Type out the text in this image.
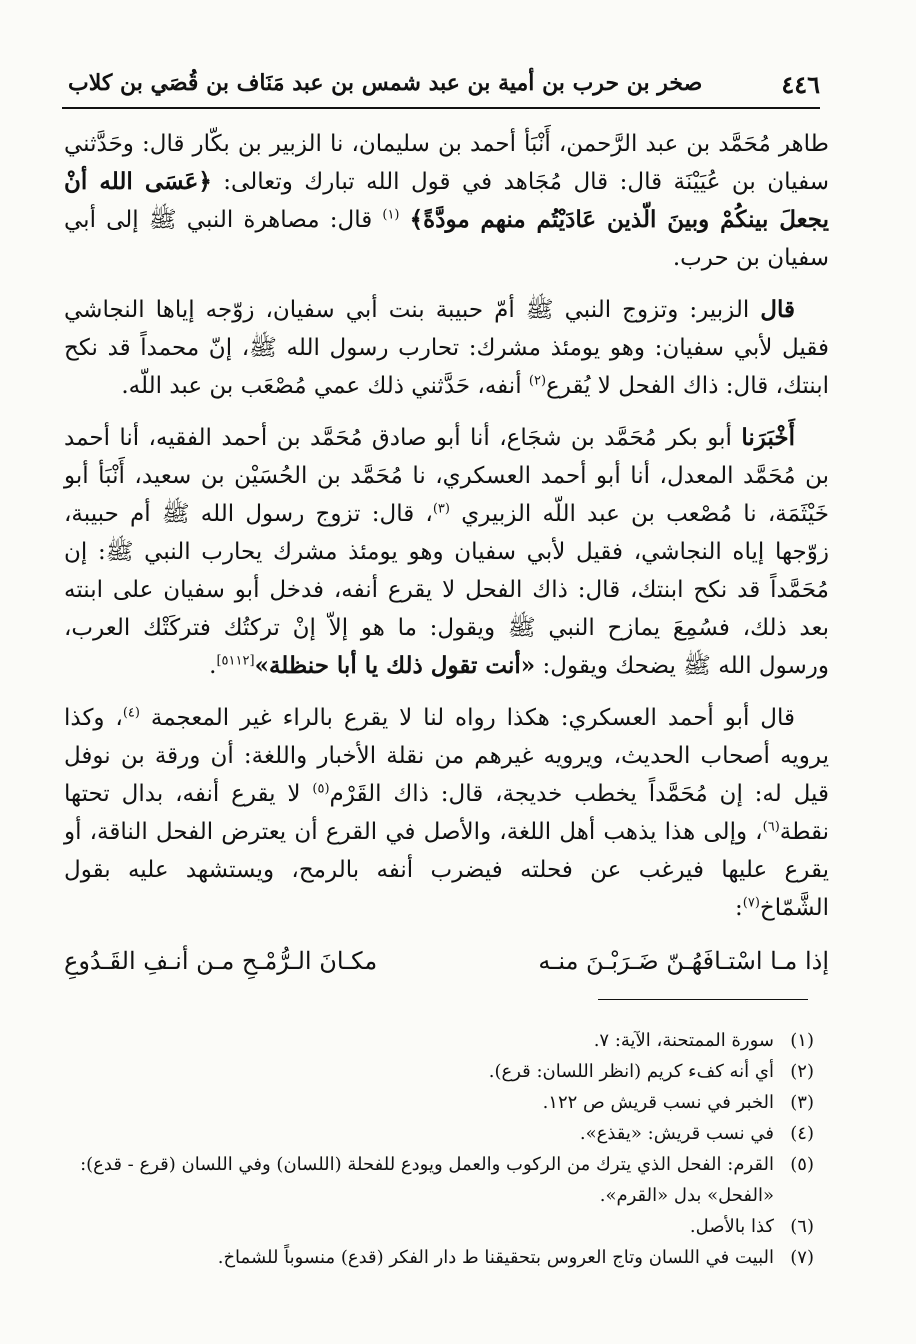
٤٤٦
صخر بن حرب بن أمية بن عبد شمس بن عبد مَنَاف بن قُصَي بن كلاب

طاهر مُحَمَّد بن عبد الرَّحمن، أَنْبَأ أحمد بن سليمان، نا الزبير بن بكّار قال: وحَدَّثني سفيان بن عُيَيْنَة قال: قال مُجَاهد في قول الله تبارك وتعالى: ﴿عَسَى الله أنْ يجعلَ بينكُمْ وبينَ الّذين عَادَيْتُم منهم مودَّةً﴾ $^{(١)}$ قال: مصاهرة النبي ﷺ إلى أبي سفيان بن حرب.

قال الزبير: وتزوج النبي ﷺ أمّ حبيبة بنت أبي سفيان، زوّجه إياها النجاشي فقيل لأبي سفيان: وهو يومئذ مشرك: تحارب رسول الله ﷺ، إنّ محمداً قد نكح ابنتك، قال: ذاك الفحل لا يُقرع$^{(٢)}$ أنفه، حَدَّثني ذلك عمي مُصْعَب بن عبد اللّه.

أَخْبَرَنا أبو بكر مُحَمَّد بن شجَاع، أنا أبو صادق مُحَمَّد بن أحمد الفقيه، أنا أحمد بن مُحَمَّد المعدل، أنا أبو أحمد العسكري، نا مُحَمَّد بن الحُسَيْن بن سعيد، أَنْبَأ أبو خَيْثَمَة، نا مُصْعب بن عبد اللّه الزبيري $^{(٣)}$، قال: تزوج رسول الله ﷺ أم حبيبة، زوّجها إياه النجاشي، فقيل لأبي سفيان وهو يومئذ مشرك يحارب النبي ﷺ: إن مُحَمَّداً قد نكح ابنتك، قال: ذاك الفحل لا يقرع أنفه، فدخل أبو سفيان على ابنته بعد ذلك، فسُمِعَ يمازح النبي ﷺ ويقول: ما هو إلاّ إنْ تركتُك فتركَتْك العرب، ورسول الله ﷺ يضحك ويقول: «أنت تقول ذلك يا أبا حنظلة»[٥١١٢].

قال أبو أحمد العسكري: هكذا رواه لنا لا يقرع بالراء غير المعجمة $^{(٤)}$، وكذا يرويه أصحاب الحديث، ويرويه غيرهم من نقلة الأخبار واللغة: أن ورقة بن نوفل قيل له: إن مُحَمَّداً يخطب خديجة، قال: ذاك القَرْم$^{(٥)}$ لا يقرع أنفه، بدال تحتها نقطة$^{(٦)}$، وإلى هذا يذهب أهل اللغة، والأصل في القرع أن يعترض الفحل الناقة، أو يقرع عليها فيرغب عن فحلته فيضرب أنفه بالرمح، ويستشهد عليه بقول الشَّمّاخ$^{(٧)}$:

إذا مـا اسْتـافَهُـنّ ضَـرَبْـنَ منـه
مكـانَ الـرُّمْـحِ مـن أنـفِ القَـدُوعِ
(١)
سورة الممتحنة، الآية: ٧.
(٢)
أي أنه كفء كريم (انظر اللسان: قرع).
(٣)
الخبر في نسب قريش ص ١٢٢.
(٤)
في نسب قريش: «يقذع».
(٥)
القرم: الفحل الذي يترك من الركوب والعمل ويودع للفحلة (اللسان) وفي اللسان (قرع - قدع): «الفحل» بدل «القرم».
(٦)
كذا بالأصل.
(٧)
البيت في اللسان وتاج العروس بتحقيقنا ط دار الفكر (قدع) منسوباً للشماخ.
